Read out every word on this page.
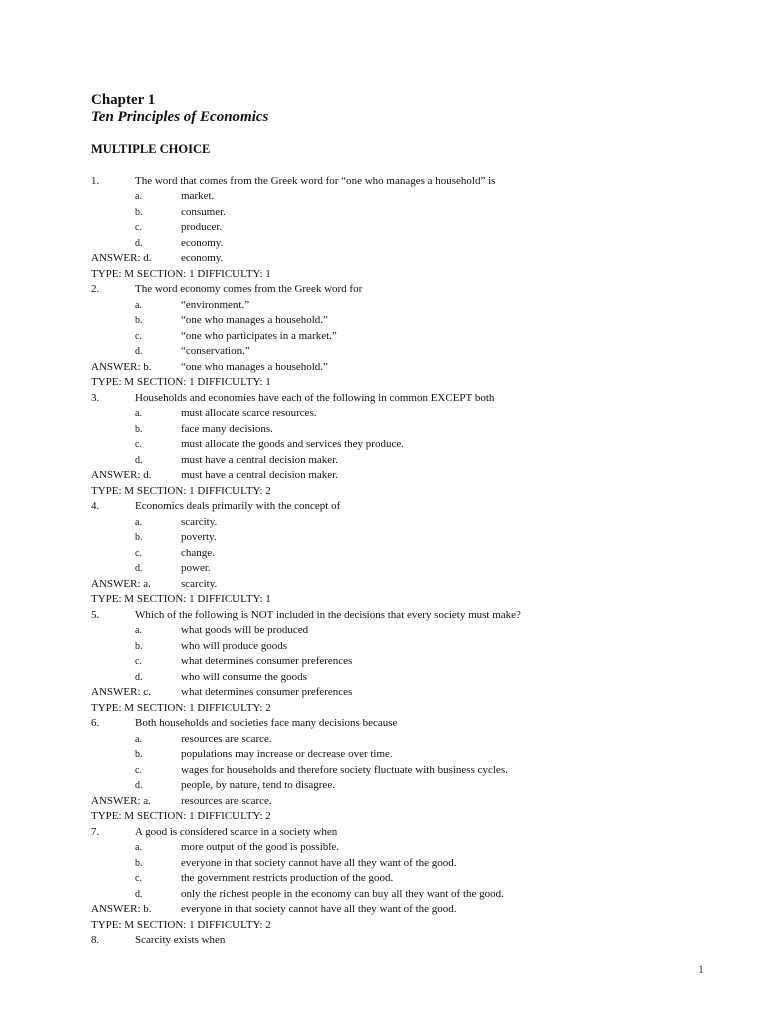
Chapter 1
Ten Principles of Economics
MULTIPLE CHOICE
1.	The word that comes from the Greek word for “one who manages a household” is
a.	market.
b.	consumer.
c.	producer.
d.	economy.
ANSWER: d.	economy.
TYPE: M SECTION: 1 DIFFICULTY: 1
2.	The word economy comes from the Greek word for
a.	“environment.”
b.	“one who manages a household.”
c.	“one who participates in a market.”
d.	“conservation.”
ANSWER: b.	“one who manages a household.”
TYPE: M SECTION: 1 DIFFICULTY: 1
3.	Households and economies have each of the following in common EXCEPT both
a.	must allocate scarce resources.
b.	face many decisions.
c.	must allocate the goods and services they produce.
d.	must have a central decision maker.
ANSWER: d.	must have a central decision maker.
TYPE: M SECTION: 1 DIFFICULTY: 2
4.	Economics deals primarily with the concept of
a.	scarcity.
b.	poverty.
c.	change.
d.	power.
ANSWER: a.	scarcity.
TYPE: M SECTION: 1 DIFFICULTY: 1
5.	Which of the following is NOT included in the decisions that every society must make?
a.	what goods will be produced
b.	who will produce goods
c.	what determines consumer preferences
d.	who will consume the goods
ANSWER: c.	what determines consumer preferences
TYPE: M SECTION: 1 DIFFICULTY: 2
6.	Both households and societies face many decisions because
a.	resources are scarce.
b.	populations may increase or decrease over time.
c.	wages for households and therefore society fluctuate with business cycles.
d.	people, by nature, tend to disagree.
ANSWER: a.	resources are scarce.
TYPE: M SECTION: 1 DIFFICULTY: 2
7.	A good is considered scarce in a society when
a.	more output of the good is possible.
b.	everyone in that society cannot have all they want of the good.
c.	the government restricts production of the good.
d.	only the richest people in the economy can buy all they want of the good.
ANSWER: b.	everyone in that society cannot have all they want of the good.
TYPE: M SECTION: 1 DIFFICULTY: 2
8.	Scarcity exists when
1
